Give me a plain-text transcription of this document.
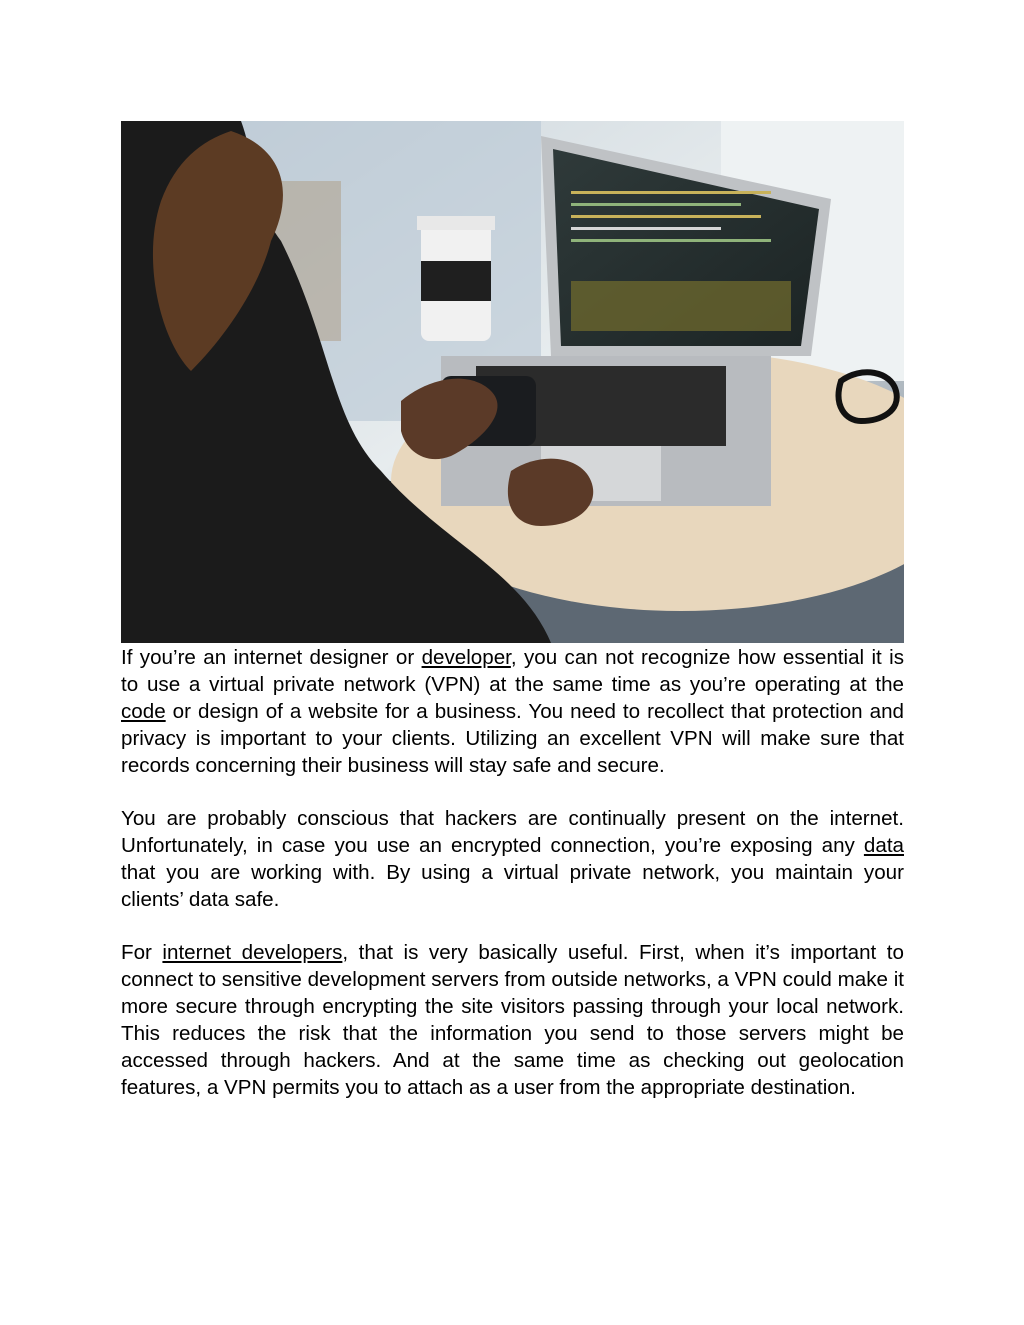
If you’re an internet designer or developer, you can not recognize how essential it is to use a virtual private network (VPN) at the same time as you’re operating at the code or design of a website for a business. You need to recollect that protection and privacy is important to your clients. Utilizing an excellent VPN will make sure that records concerning their business will stay safe and secure.

You are probably conscious that hackers are continually present on the internet. Unfortunately, in case you use an encrypted connection, you’re exposing any data that you are working with. By using a virtual private network, you maintain your clients’ data safe.

For internet developers, that is very basically useful. First, when it’s important to connect to sensitive development servers from outside networks, a VPN could make it more secure through encrypting the site visitors passing through your local network. This reduces the risk that the information you send to those servers might be accessed through hackers. And at the same time as checking out geolocation features, a VPN permits you to attach as a user from the appropriate destination.
